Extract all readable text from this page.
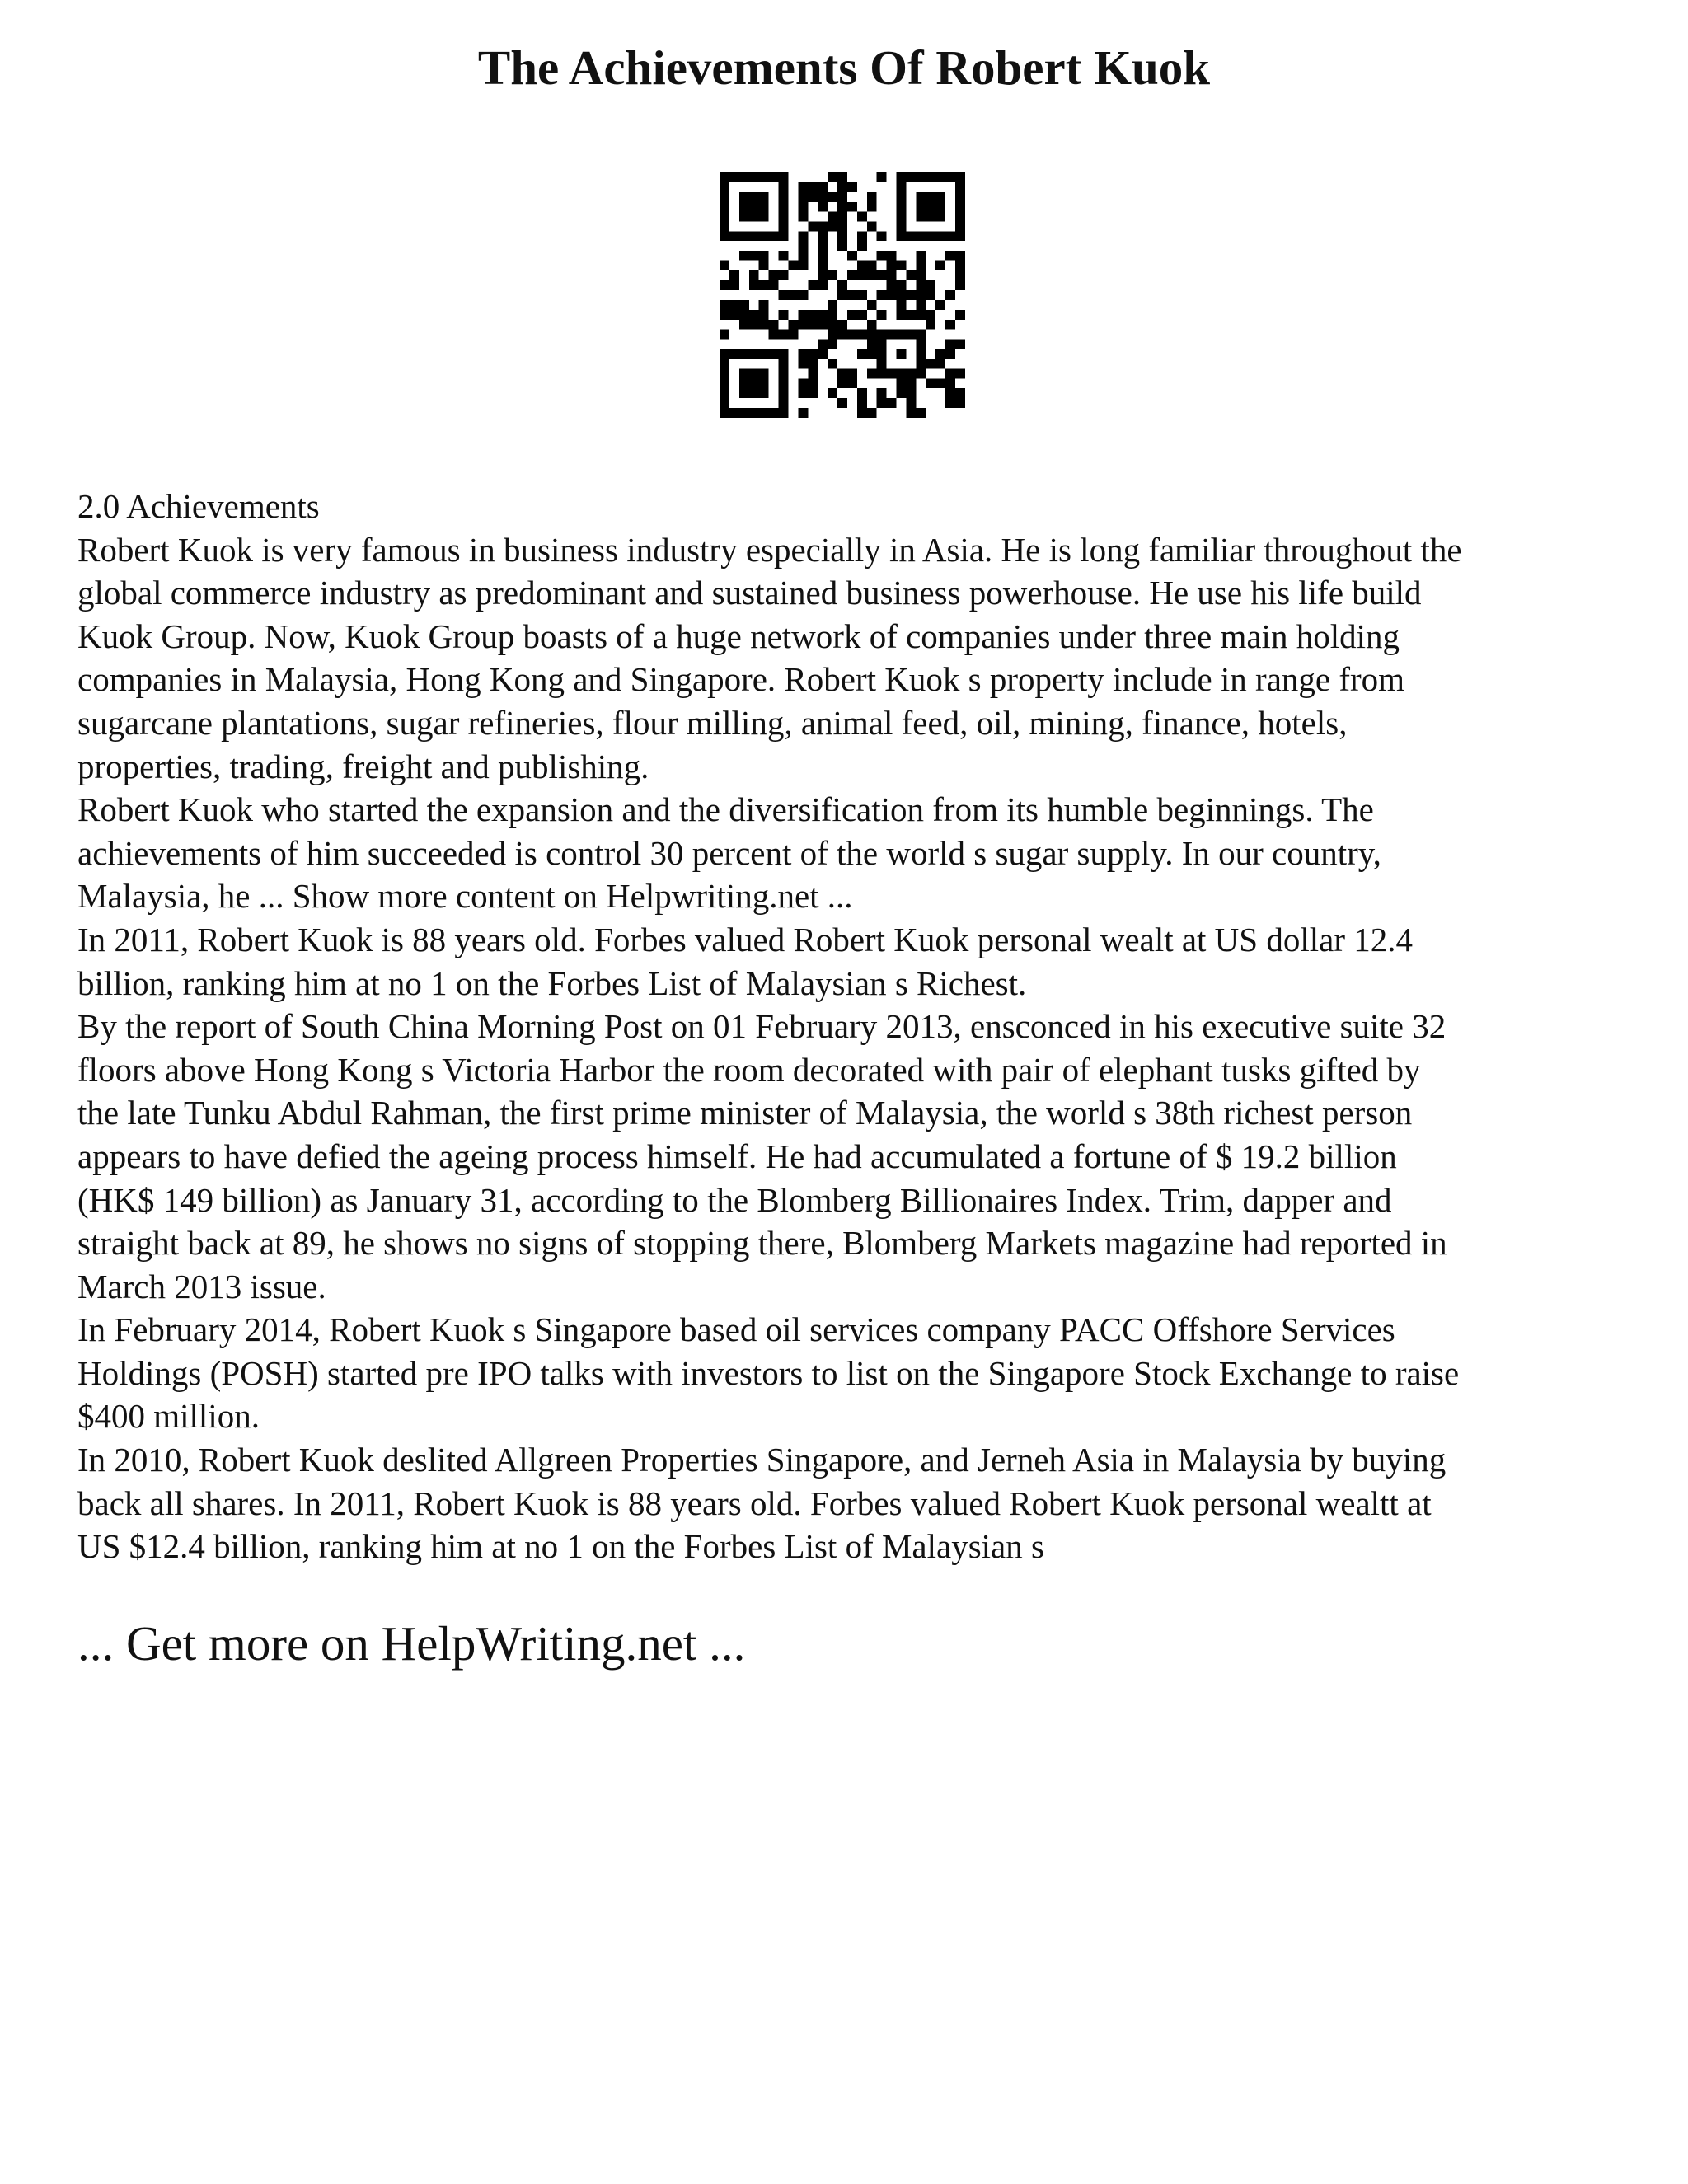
The Achievements Of Robert Kuok
2.0 Achievements
Robert Kuok is very famous in business industry especially in Asia. He is long familiar throughout the
global commerce industry as predominant and sustained business powerhouse. He use his life build
Kuok Group. Now, Kuok Group boasts of a huge network of companies under three main holding
companies in Malaysia, Hong Kong and Singapore. Robert Kuok s property include in range from
sugarcane plantations, sugar refineries, flour milling, animal feed, oil, mining, finance, hotels,
properties, trading, freight and publishing.
Robert Kuok who started the expansion and the diversification from its humble beginnings. The
achievements of him succeeded is control 30 percent of the world s sugar supply. In our country,
Malaysia, he ... Show more content on Helpwriting.net ...
In 2011, Robert Kuok is 88 years old. Forbes valued Robert Kuok personal wealt at US dollar 12.4
billion, ranking him at no 1 on the Forbes List of Malaysian s Richest.
By the report of South China Morning Post on 01 February 2013, ensconced in his executive suite 32
floors above Hong Kong s Victoria Harbor the room decorated with pair of elephant tusks gifted by
the late Tunku Abdul Rahman, the first prime minister of Malaysia, the world s 38th richest person
appears to have defied the ageing process himself. He had accumulated a fortune of $ 19.2 billion
(HK$ 149 billion) as January 31, according to the Blomberg Billionaires Index. Trim, dapper and
straight back at 89, he shows no signs of stopping there, Blomberg Markets magazine had reported in
March 2013 issue.
In February 2014, Robert Kuok s Singapore based oil services company PACC Offshore Services
Holdings (POSH) started pre IPO talks with investors to list on the Singapore Stock Exchange to raise
$400 million.
In 2010, Robert Kuok deslited Allgreen Properties Singapore, and Jerneh Asia in Malaysia by buying
back all shares. In 2011, Robert Kuok is 88 years old. Forbes valued Robert Kuok personal wealtt at
US $12.4 billion, ranking him at no 1 on the Forbes List of Malaysian s
... Get more on HelpWriting.net ...
